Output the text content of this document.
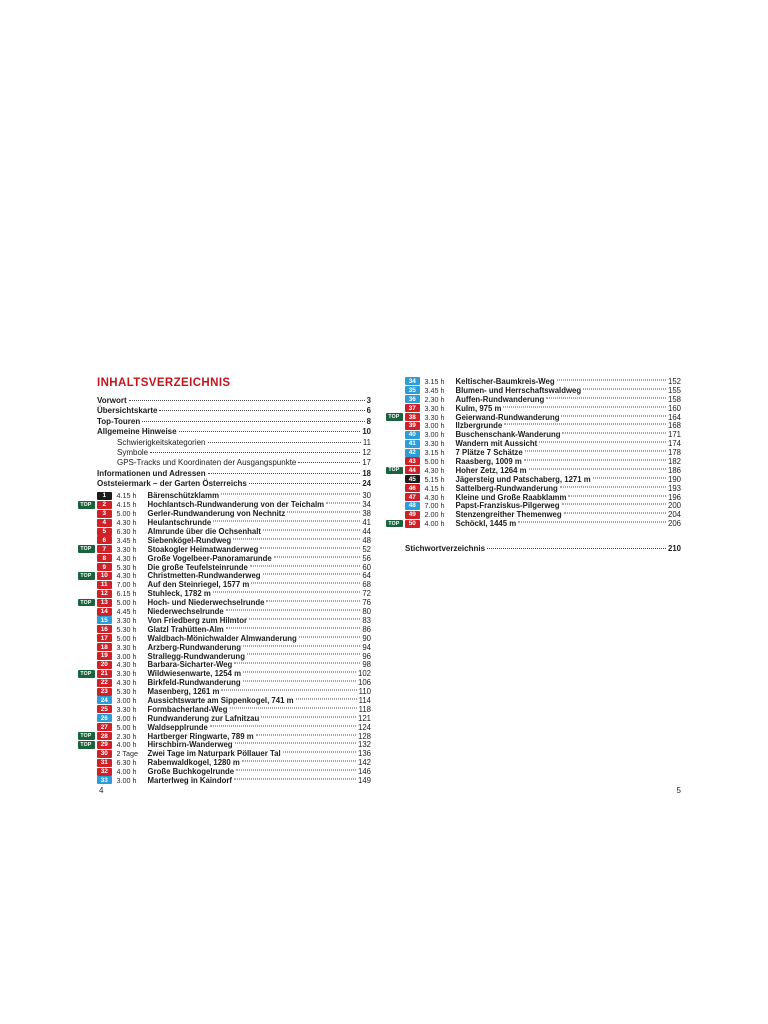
INHALTSVERZEICHNIS
Vorwort	3
Übersichtskarte	6
Top-Touren	8
Allgemeine Hinweise	10
Schwierigkeitskategorien	11
Symbole	12
GPS-Tracks und Koordinaten der Ausgangspunkte	17
Informationen und Adressen	18
Oststeiermark – der Garten Österreichs	24
1	4.15 h	Bärenschützklamm	30
TOP	2	4.15 h	Hochlantsch-Rundwanderung von der Teichalm	34
3	5.00 h	Gerler-Rundwanderung von Nechnitz	38
4	4.30 h	Heulantschrunde	41
5	6.30 h	Almrunde über die Ochsenhalt	44
6	3.45 h	Siebenkögel-Rundweg	48
TOP	7	3.30 h	Stoakogler Heimatwanderweg	52
8	4.30 h	Große Vogelbeer-Panoramarunde	56
9	5.30 h	Die große Teufelsteinrunde	60
TOP	10	4.30 h	Christmetten-Rundwanderweg	64
11	7.00 h	Auf den Steinriegel, 1577 m	68
12	6.15 h	Stuhleck, 1782 m	72
TOP	13	5.00 h	Hoch- und Niederwechselrunde	76
14	4.45 h	Niederwechselrunde	80
15	3.30 h	Von Friedberg zum Hilmtor	83
16	5.30 h	Glatzl Trahütten-Alm	86
17	5.00 h	Waldbach-Mönichwalder Almwanderung	90
18	3.30 h	Arzberg-Rundwanderung	94
19	3.00 h	Strallegg-Rundwanderung	96
20	4.30 h	Barbara-Sicharter-Weg	98
TOP	21	3.30 h	Wildwiesenwarte, 1254 m	102
22	4.30 h	Birkfeld-Rundwanderung	106
23	5.30 h	Masenberg, 1261 m	110
24	3.00 h	Aussichtswarte am Sippenkogel, 741 m	114
25	3.30 h	Formbacherland-Weg	118
26	3.00 h	Rundwanderung zur Lafnitzau	121
27	5.00 h	Waldsepplrunde	124
TOP	28	2.30 h	Hartberger Ringwarte, 789 m	128
TOP	29	4.00 h	Hirschbirn-Wanderweg	132
30	2 Tage	Zwei Tage im Naturpark Pöllauer Tal	136
31	6.30 h	Rabenwaldkogel, 1280 m	142
32	4.00 h	Große Buchkogelrunde	146
33	3.00 h	Marterlweg in Kaindorf	149
34	3.15 h	Keltischer-Baumkreis-Weg	152
35	3.45 h	Blumen- und Herrschaftswaldweg	155
36	2.30 h	Auffen-Rundwanderung	158
37	3.30 h	Kulm, 975 m	160
TOP	38	3.30 h	Geierwand-Rundwanderung	164
39	3.00 h	Ilzbergrunde	168
40	3.00 h	Buschenschank-Wanderung	171
41	3.30 h	Wandern mit Aussicht	174
42	3.15 h	7 Plätze 7 Schätze	178
43	5.00 h	Raasberg, 1009 m	182
TOP	44	4.30 h	Hoher Zetz, 1264 m	186
45	5.15 h	Jägersteig und Patschaberg, 1271 m	190
46	4.15 h	Sattelberg-Rundwanderung	193
47	4.30 h	Kleine und Große Raabklamm	196
48	7.00 h	Papst-Franziskus-Pilgerweg	200
49	2.00 h	Stenzengreither Themenweg	204
TOP	50	4.00 h	Schöckl, 1445 m	206
Stichwortverzeichnis	210
4	5
